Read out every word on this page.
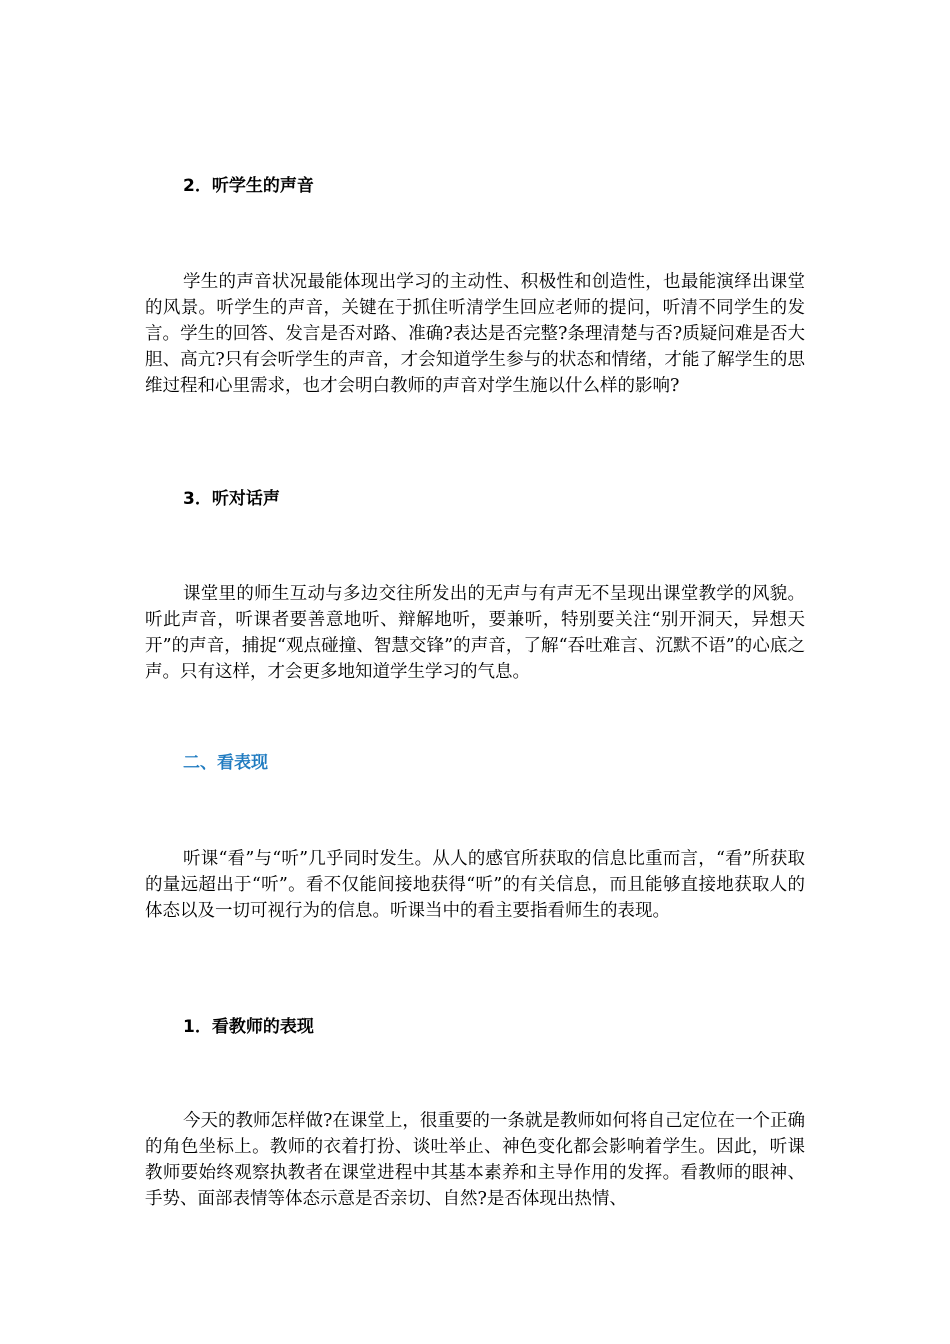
2．听学生的声音

学生的声音状况最能体现出学习的主动性、积极性和创造性，也最能演绎出课堂的风景。听学生的声音，关键在于抓住听清学生回应老师的提问，听清不同学生的发言。学生的回答、发言是否对路、准确?表达是否完整?条理清楚与否?质疑问难是否大胆、高亢?只有会听学生的声音，才会知道学生参与的状态和情绪，才能了解学生的思维过程和心里需求，也才会明白教师的声音对学生施以什么样的影响?

3．听对话声

课堂里的师生互动与多边交往所发出的无声与有声无不呈现出课堂教学的风貌。听此声音，听课者要善意地听、辩解地听，要兼听，特别要关注“别开洞天，异想天开”的声音，捕捉“观点碰撞、智慧交锋”的声音，了解“吞吐难言、沉默不语”的心底之声。只有这样，才会更多地知道学生学习的气息。

二、看表现

听课“看”与“听”几乎同时发生。从人的感官所获取的信息比重而言，“看”所获取的量远超出于“听”。看不仅能间接地获得“听”的有关信息，而且能够直接地获取人的体态以及一切可视行为的信息。听课当中的看主要指看师生的表现。

1．看教师的表现

今天的教师怎样做?在课堂上，很重要的一条就是教师如何将自己定位在一个正确的角色坐标上。教师的衣着打扮、谈吐举止、神色变化都会影响着学生。因此，听课教师要始终观察执教者在课堂进程中其基本素养和主导作用的发挥。看教师的眼神、手势、面部表情等体态示意是否亲切、自然?是否体现出热情、
